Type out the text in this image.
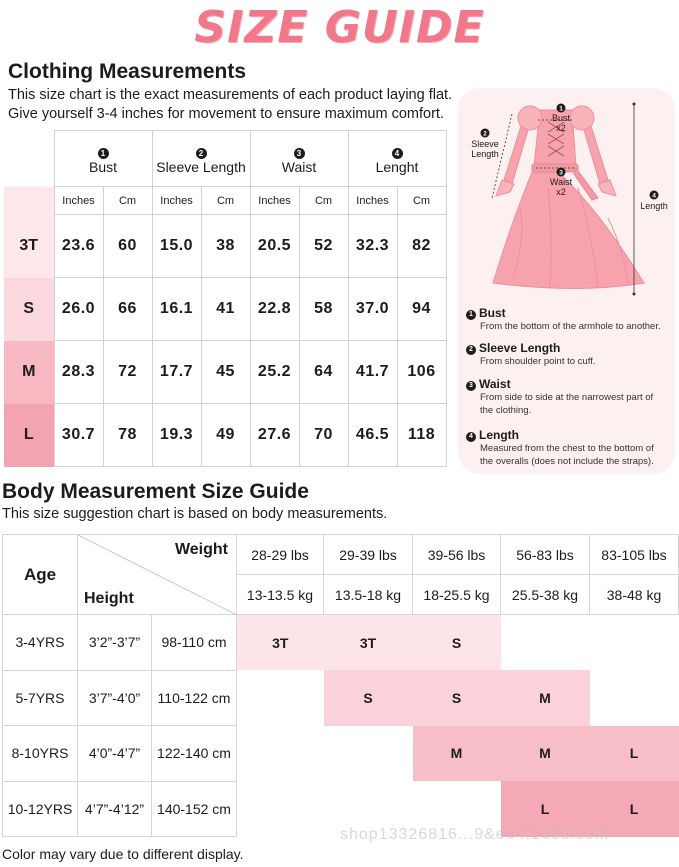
SIZE GUIDE
Clothing Measurements
This size chart is the exact measurements of each product laying flat.
Give yourself 3-4 inches for movement to ensure maximum comfort.
	1
Bust		2
Sleeve Length		3
Waist		4
Lenght	
	Inches	Cm	Inches	Cm	Inches	Cm	Inches	Cm
3T	23.6	60	15.0	38	20.5	52	32.3	82
S	26.0	66	16.1	41	22.8	58	37.0	94
M	28.3	72	17.7	45	25.2	64	41.7	106
L	30.7	78	19.3	49	27.6	70	46.5	118
1
Bust
x2
2
Sleeve
Length
3
Waist
x2	4
Length
1 Bust
From the bottom of the armhole to another.
2 Sleeve Length
From shoulder point to cuff.
3 Waist
From side to side at the narrowest part of
the clothing.
4 Length
Measured from the chest to the bottom of
the overalls (does not include the straps).
Body Measurement Size Guide
This size suggestion chart is based on body measurements.
Age	Weight
Height		28-29 lbs	29-39 lbs	39-56 lbs	56-83 lbs	83-105 lbs
			13-13.5 kg	13.5-18 kg	18-25.5 kg	25.5-38 kg	38-48 kg
3-4YRS	3’2”-3’7”	98-110 cm	3T	3T	S		
5-7YRS	3’7”-4’0”	110-122 cm		S	S	M	
8-10YRS	4’0”-4’7”	122-140 cm			M	M	L
10-12YRS	4’7”-4’12”	140-152 cm				L	L
shop13326816...9&e64.1688.com
Color may vary due to different display.
